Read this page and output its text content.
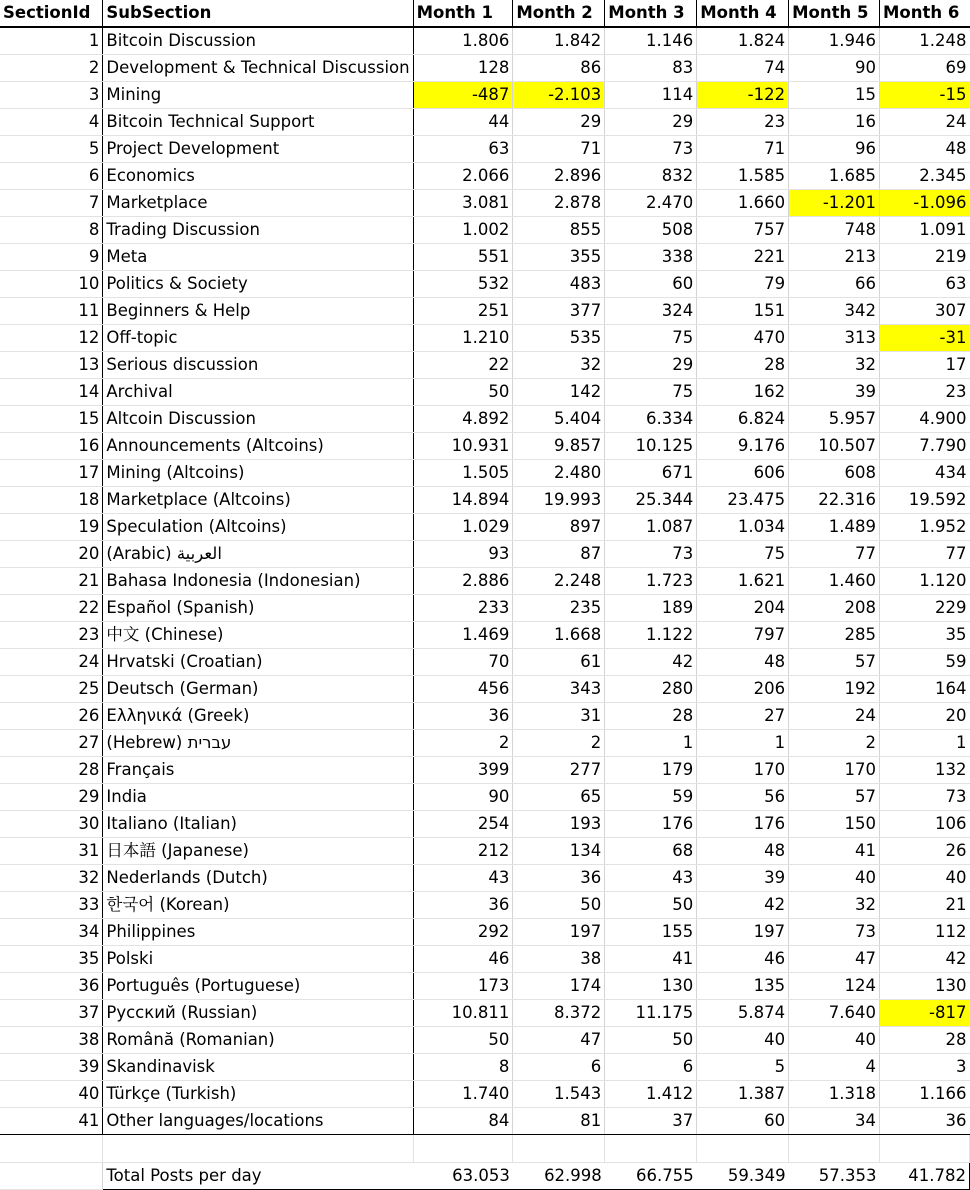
SectionId	SubSection	Month 1	Month 2	Month 3	Month 4	Month 5	Month 6
1	Bitcoin Discussion	1.806	1.842	1.146	1.824	1.946	1.248
2	Development & Technical Discussion	128	86	83	74	90	69
3	Mining	-487	-2.103	114	-122	15	-15
4	Bitcoin Technical Support	44	29	29	23	16	24
5	Project Development	63	71	73	71	96	48
6	Economics	2.066	2.896	832	1.585	1.685	2.345
7	Marketplace	3.081	2.878	2.470	1.660	-1.201	-1.096
8	Trading Discussion	1.002	855	508	757	748	1.091
9	Meta	551	355	338	221	213	219
10	Politics & Society	532	483	60	79	66	63
11	Beginners & Help	251	377	324	151	342	307
12	Off-topic	1.210	535	75	470	313	-31
13	Serious discussion	22	32	29	28	32	17
14	Archival	50	142	75	162	39	23
15	Altcoin Discussion	4.892	5.404	6.334	6.824	5.957	4.900
16	Announcements (Altcoins)	10.931	9.857	10.125	9.176	10.507	7.790
17	Mining (Altcoins)	1.505	2.480	671	606	608	434
18	Marketplace (Altcoins)	14.894	19.993	25.344	23.475	22.316	19.592
19	Speculation (Altcoins)	1.029	897	1.087	1.034	1.489	1.952
20	(Arabic) العربية	93	87	73	75	77	77
21	Bahasa Indonesia (Indonesian)	2.886	2.248	1.723	1.621	1.460	1.120
22	Español (Spanish)	233	235	189	204	208	229
23	中文 (Chinese)	1.469	1.668	1.122	797	285	35
24	Hrvatski (Croatian)	70	61	42	48	57	59
25	Deutsch (German)	456	343	280	206	192	164
26	Ελληνικά (Greek)	36	31	28	27	24	20
27	(Hebrew) עברית	2	2	1	1	2	1
28	Français	399	277	179	170	170	132
29	India	90	65	59	56	57	73
30	Italiano (Italian)	254	193	176	176	150	106
31	日本語 (Japanese)	212	134	68	48	41	26
32	Nederlands (Dutch)	43	36	43	39	40	40
33	한국어 (Korean)	36	50	50	42	32	21
34	Philippines	292	197	155	197	73	112
35	Polski	46	38	41	46	47	42
36	Português (Portuguese)	173	174	130	135	124	130
37	Русский (Russian)	10.811	8.372	11.175	5.874	7.640	-817
38	Română (Romanian)	50	47	50	40	40	28
39	Skandinavisk	8	6	6	5	4	3
40	Türkçe (Turkish)	1.740	1.543	1.412	1.387	1.318	1.166
41	Other languages/locations	84	81	37	60	34	36

	Total Posts per day	63.053	62.998	66.755	59.349	57.353	41.782
